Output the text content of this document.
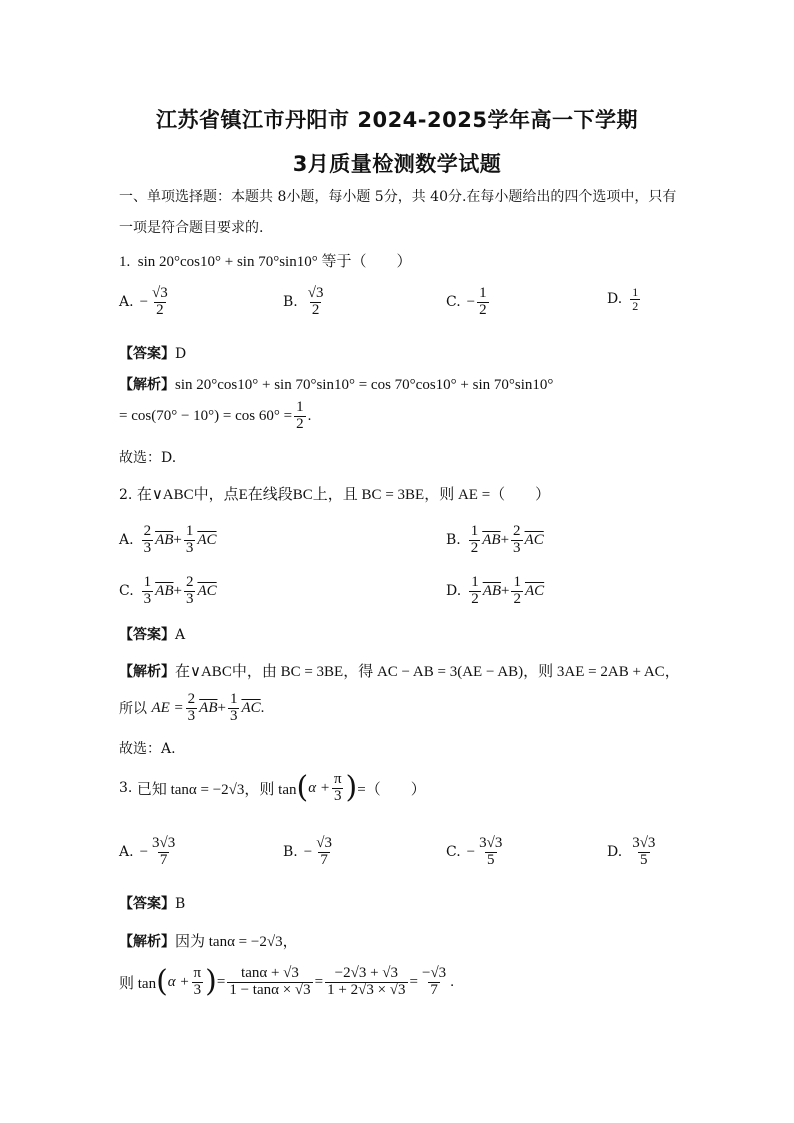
江苏省镇江市丹阳市 2024-2025学年高一下学期
3月质量检测数学试题
一、单项选择题：本题共 8小题，每小题 5分，共 40分.在每小题给出的四个选项中，只有
一项是符合题目要求的.
1. sin 20°cos10° + sin 70°sin10° 等于（　　）
A. − $\frac{√3}{2}$	B. $\frac{√3}{2}$	C. − $\frac{1}{2}$	D. $\frac{1}{2}$
【答案】D
【解析】sin 20°cos10° + sin 70°sin10° = cos 70°cos10° + sin 70°sin10°
= $\cos(70^\circ - 10^\circ) = \cos 60^\circ = \frac{1}{2}$ .
故选：D.
2. 在∨ABC中，点E在线段BC上，且 BC = 3BE，则 AE =（　　）
A. $\frac{2}{3} \overline{AB} + \frac{1}{3} \overline{AC}$	B. $\frac{1}{2} \overline{AB} + \frac{2}{3} \overline{AC}$
C. $\frac{1}{3} \overline{AB} + \frac{2}{3} \overline{AC}$	D. $\frac{1}{2} \overline{AB} + \frac{1}{2} \overline{AC}$
【答案】A
【解析】在∨ABC中，由 BC = 3BE，得 AC − AB = 3(AE − AB)，则 3AE = 2AB + AC，
所以
AE = $\frac{2}{3} \overline{AB} + \frac{1}{3} \overline{AC}$ .
故选：A.
3.
已知 tanα = −2√3，则 tan ( $\alpha + \frac{\pi}{3}$ ) =（　　）
A. − $\frac{3√3}{7}$	B. − $\frac{√3}{7}$	C. − $\frac{3√3}{5}$	D. $\frac{3√3}{5}$
【答案】B
【解析】因为 tanα = −2√3，
则 tan ( $\alpha + \frac{\pi}{3}$ ) = $\frac{\tan\alpha + √3}{1 - \tan\alpha \times √3} = \frac{-2√3 + √3}{1 + 2√3 \times √3} = \frac{-√3}{7}$ .
